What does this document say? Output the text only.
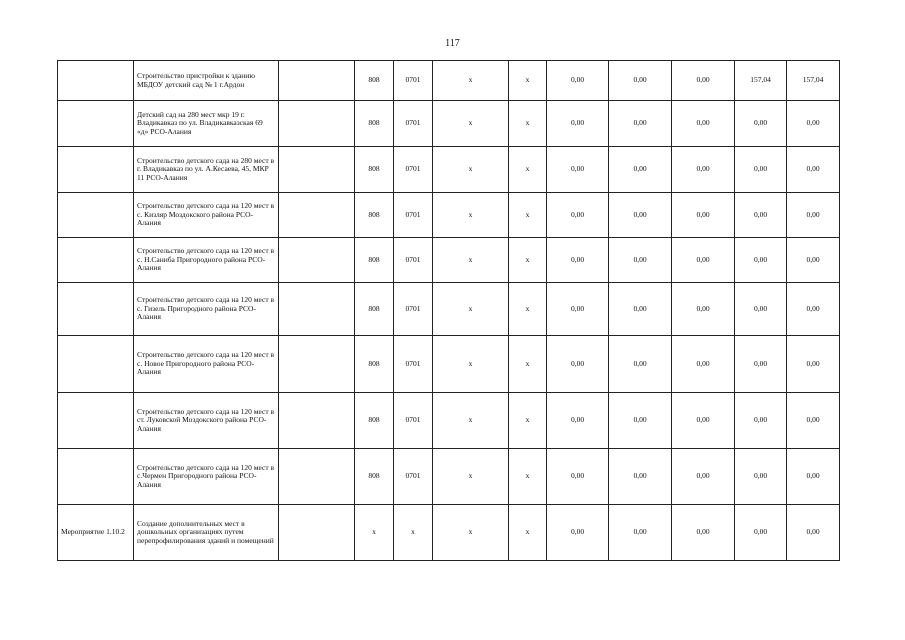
117
	Строительство пристройки к зданию МБДОУ детский сад № 1 г.Ардон		808	0701	х	х	0,00	0,00	0,00	157,04	157,04
	Детский сад на 280 мест мкр 19 г. Владикавказ по ул. Владикавказская 69 «д» РСО-Алания		808	0701	х	х	0,00	0,00	0,00	0,00	0,00
	Строительство детского сада на 280 мест в г. Владикавказ по ул. А.Кесаева, 45, МКР 11 РСО-Алания		808	0701	х	х	0,00	0,00	0,00	0,00	0,00
	Строительство детского сада на 120 мест в с. Кизляр Моздокского района РСО-Алания		808	0701	х	х	0,00	0,00	0,00	0,00	0,00
	Строительство детского сада на 120 мест в с. Н.Саниба Пригородного района РСО-Алания		808	0701	х	х	0,00	0,00	0,00	0,00	0,00
	Строительство детского сада на 120 мест в с. Гизель Пригородного района РСО-Алания		808	0701	х	х	0,00	0,00	0,00	0,00	0,00
	Строительство детского сада на 120 мест в с. Новое Пригородного района РСО-Алания		808	0701	х	х	0,00	0,00	0,00	0,00	0,00
	Строительство детского сада на 120 мест в ст. Луковской Моздокского района РСО-Алания		808	0701	х	х	0,00	0,00	0,00	0,00	0,00
	Строительство детского сада на 120 мест в с.Чермен Пригородного района РСО-Алания		808	0701	х	х	0,00	0,00	0,00	0,00	0,00
Мероприятие 1.10.2	Создание дополнительных мест в дошкольных организациях путем перепрофилирования зданий и помещений		х	х	х	х	0,00	0,00	0,00	0,00	0,00
